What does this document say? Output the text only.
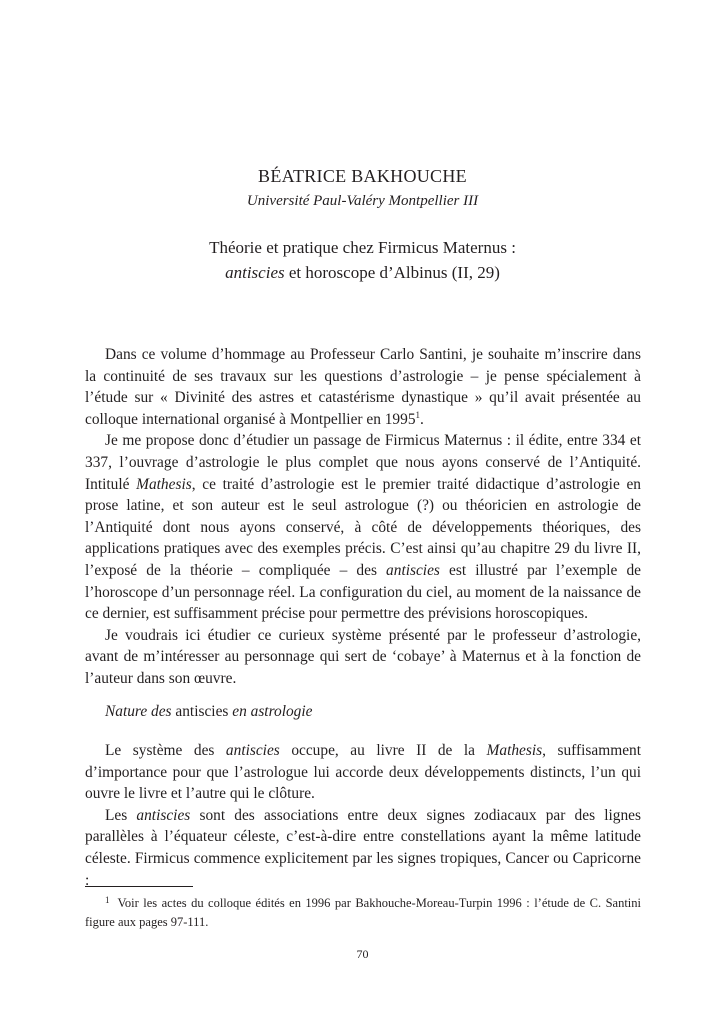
BÉATRICE BAKHOUCHE
Université Paul-Valéry Montpellier III
Théorie et pratique chez Firmicus Maternus :
antiscies et horoscope d’Albinus (II, 29)

Dans ce volume d’hommage au Professeur Carlo Santini, je souhaite m’inscrire dans la continuité de ses travaux sur les questions d’astrologie – je pense spécialement à l’étude sur « Divinité des astres et catastérisme dynastique » qu’il avait présentée au colloque international organisé à Montpellier en 1995$^1$.

Je me propose donc d’étudier un passage de Firmicus Maternus : il édite, entre 334 et 337, l’ouvrage d’astrologie le plus complet que nous ayons conservé de l’Antiquité. Intitulé Mathesis, ce traité d’astrologie est le premier traité didactique d’astrologie en prose latine, et son auteur est le seul astrologue (?) ou théoricien en astrologie de l’Antiquité dont nous ayons conservé, à côté de développements théoriques, des applications pratiques avec des exemples précis. C’est ainsi qu’au chapitre 29 du livre II, l’exposé de la théorie – compliquée – des antiscies est illustré par l’exemple de l’horoscope d’un personnage réel. La configuration du ciel, au moment de la naissance de ce dernier, est suffisamment précise pour permettre des prévisions horoscopiques.

Je voudrais ici étudier ce curieux système présenté par le professeur d’astrologie, avant de m’intéresser au personnage qui sert de ‘cobaye’ à Maternus et à la fonction de l’auteur dans son œuvre.

Nature des antiscies en astrologie

Le système des antiscies occupe, au livre II de la Mathesis, suffisamment d’importance pour que l’astrologue lui accorde deux développements distincts, l’un qui ouvre le livre et l’autre qui le clôture.

Les antiscies sont des associations entre deux signes zodiacaux par des lignes parallèles à l’équateur céleste, c’est-à-dire entre constellations ayant la même latitude céleste. Firmicus commence explicitement par les signes tropiques, Cancer ou Capricorne :

$^1$ Voir les actes du colloque édités en 1996 par Bakhouche-Moreau-Turpin 1996 : l’étude de C. Santini figure aux pages 97-111.
70
